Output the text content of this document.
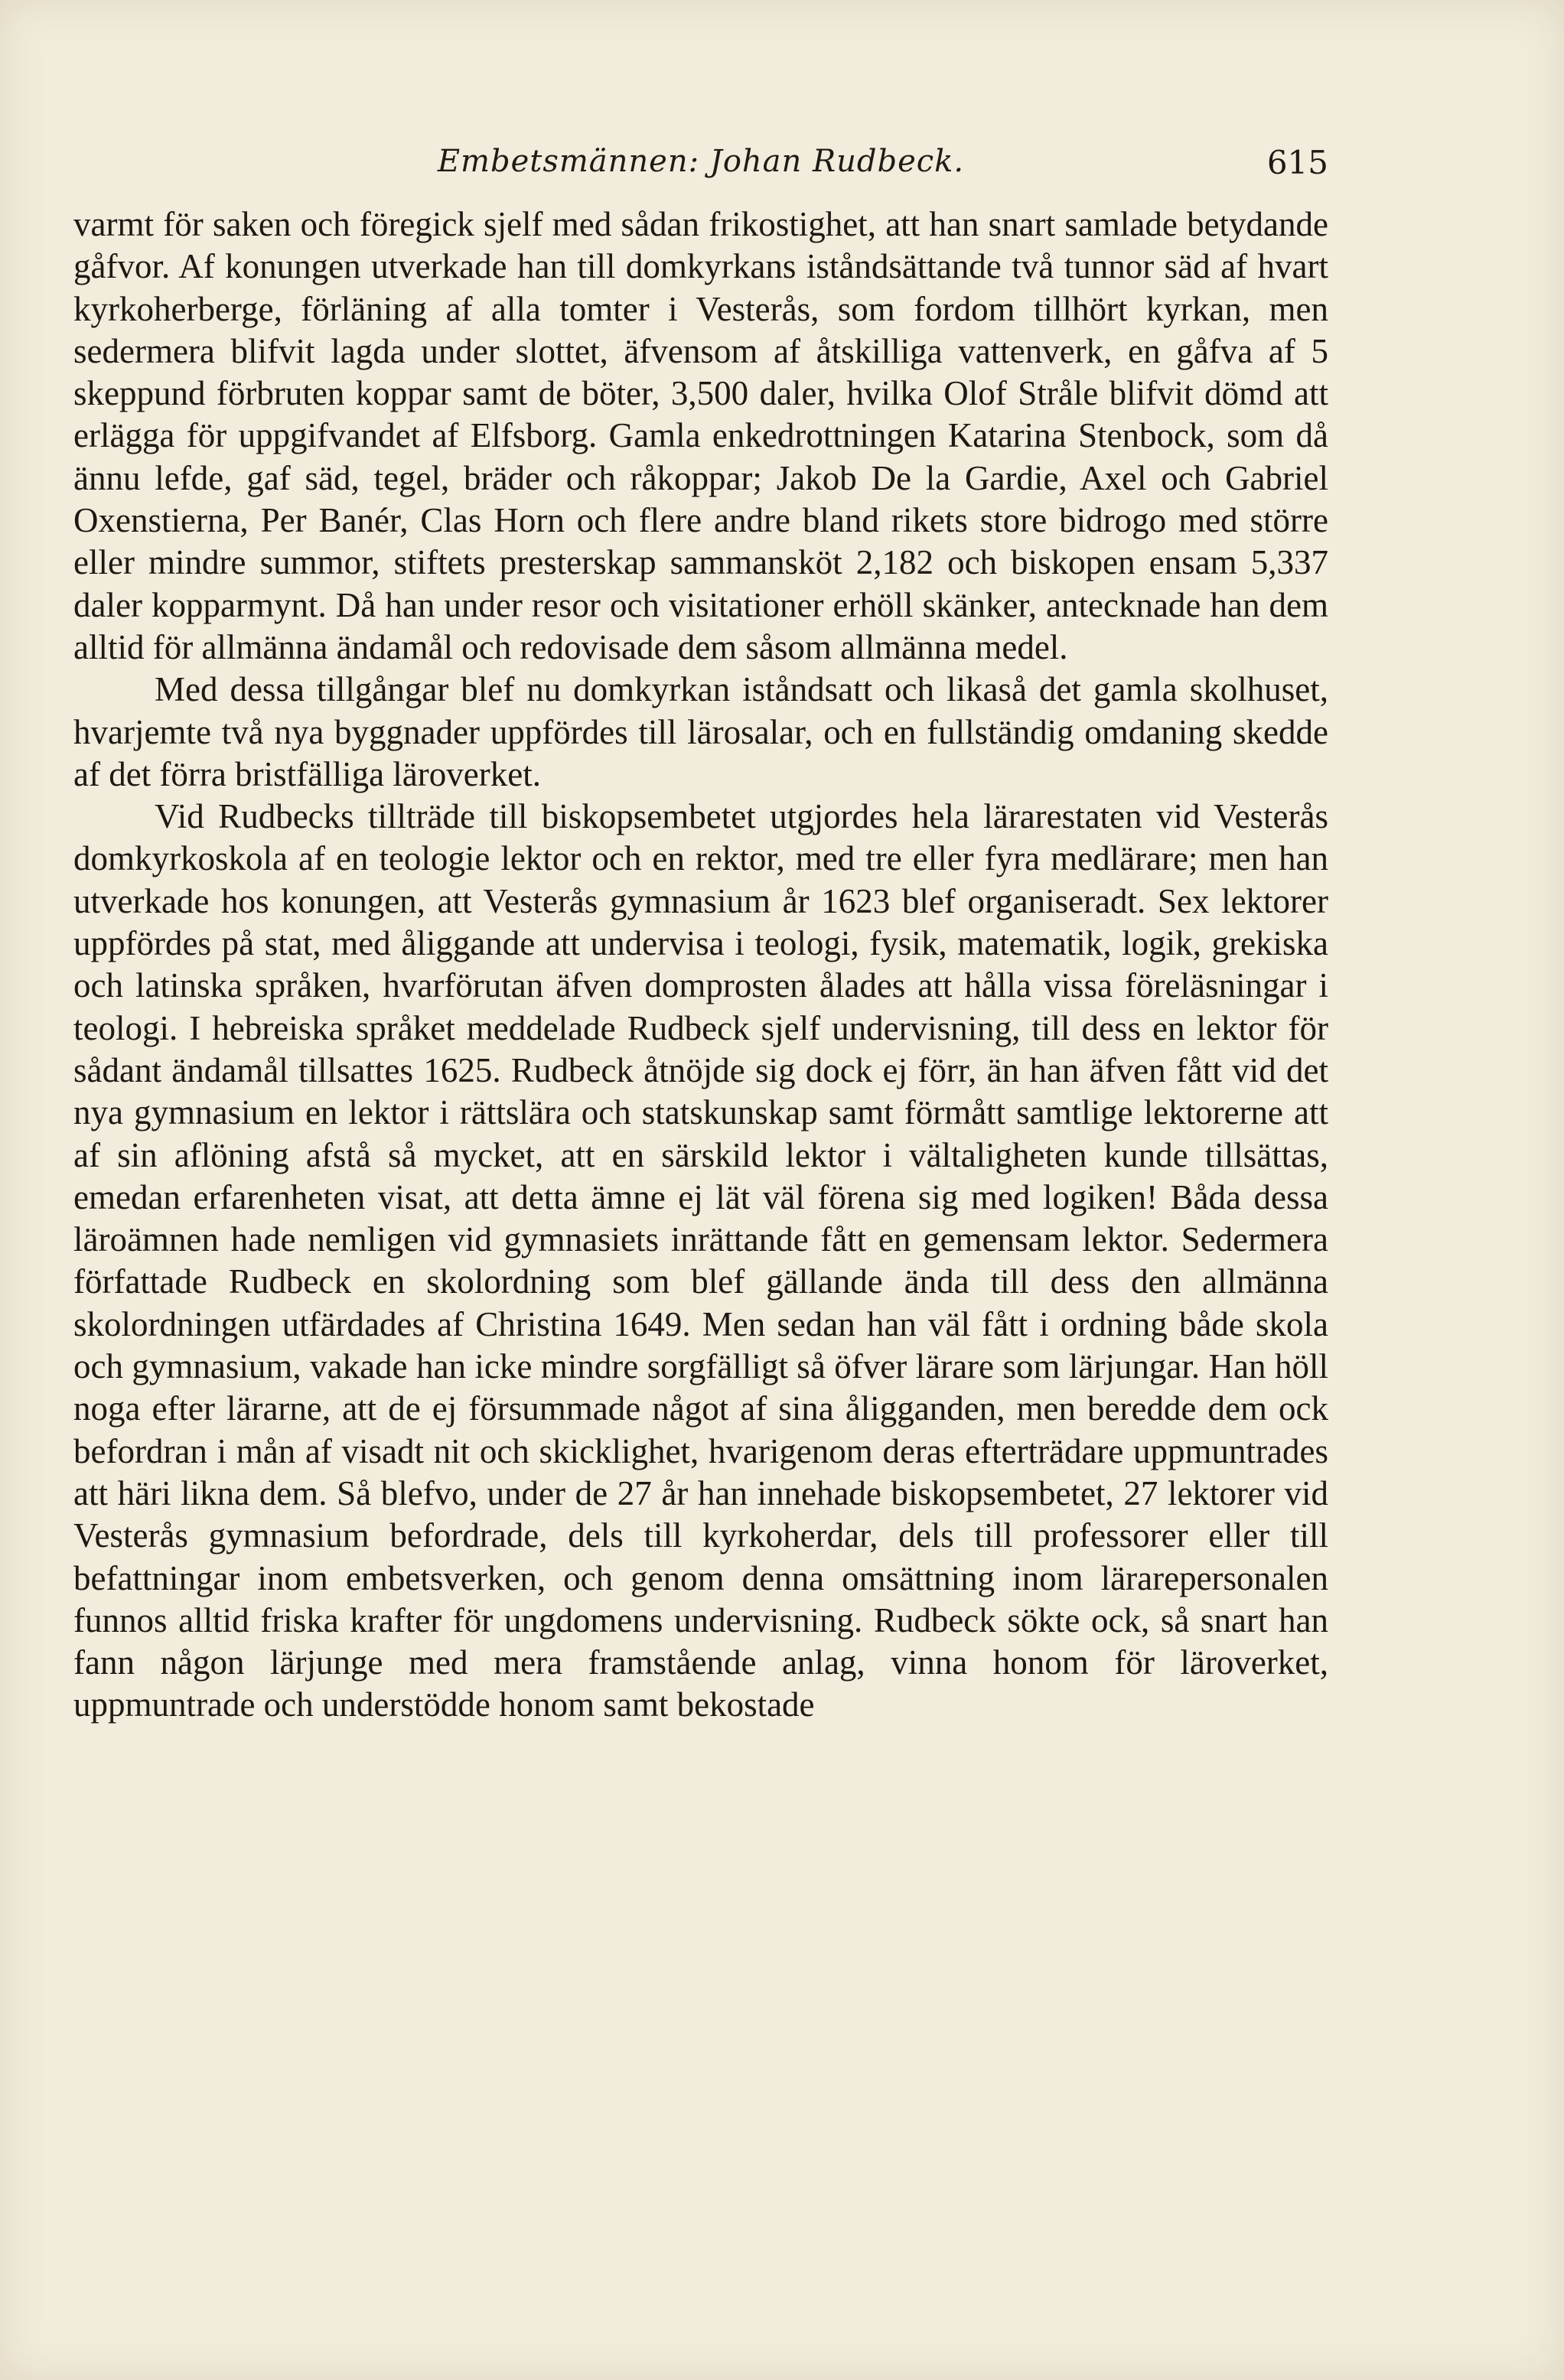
Embetsmännen: Johan Rudbeck.	615

varmt för saken och föregick sjelf med sådan frikostighet, att han snart samlade betydande gåfvor. Af konungen utverkade han till domkyrkans iståndsättande två tunnor säd af hvart kyrkoherberge, förläning af alla tomter i Vesterås, som fordom tillhört kyrkan, men sedermera blifvit lagda under slottet, äfvensom af åtskilliga vattenverk, en gåfva af 5 skeppund förbruten koppar samt de böter, 3,500 daler, hvilka Olof Stråle blifvit dömd att erlägga för uppgifvandet af Elfsborg. Gamla enkedrottningen Katarina Stenbock, som då ännu lefde, gaf säd, tegel, bräder och råkoppar; Jakob De la Gardie, Axel och Gabriel Oxenstierna, Per Banér, Clas Horn och flere andre bland rikets store bidrogo med större eller mindre summor, stiftets presterskap sammansköt 2,182 och biskopen ensam 5,337 daler kopparmynt. Då han under resor och visitationer erhöll skänker, antecknade han dem alltid för allmänna ändamål och redovisade dem såsom allmänna medel.

Med dessa tillgångar blef nu domkyrkan iståndsatt och likaså det gamla skolhuset, hvarjemte två nya byggnader uppfördes till lärosalar, och en fullständig omdaning skedde af det förra bristfälliga läroverket.

Vid Rudbecks tillträde till biskopsembetet utgjordes hela lärarestaten vid Vesterås domkyrkoskola af en teologie lektor och en rektor, med tre eller fyra medlärare; men han utverkade hos konungen, att Vesterås gymnasium år 1623 blef organiseradt. Sex lektorer uppfördes på stat, med åliggande att undervisa i teologi, fysik, matematik, logik, grekiska och latinska språken, hvarförutan äfven domprosten ålades att hålla vissa föreläsningar i teologi. I hebreiska språket meddelade Rudbeck sjelf undervisning, till dess en lektor för sådant ändamål tillsattes 1625. Rudbeck åtnöjde sig dock ej förr, än han äfven fått vid det nya gymnasium en lektor i rättslära och statskunskap samt förmått samtlige lektorerne att af sin aflöning afstå så mycket, att en särskild lektor i vältaligheten kunde tillsättas, emedan erfarenheten visat, att detta ämne ej lät väl förena sig med logiken! Båda dessa läroämnen hade nemligen vid gymnasiets inrättande fått en gemensam lektor. Sedermera författade Rudbeck en skolordning som blef gällande ända till dess den allmänna skolordningen utfärdades af Christina 1649. Men sedan han väl fått i ordning både skola och gymnasium, vakade han icke mindre sorgfälligt så öfver lärare som lärjungar. Han höll noga efter lärarne, att de ej försummade något af sina åligganden, men beredde dem ock befordran i mån af visadt nit och skicklighet, hvarigenom deras efterträdare uppmuntrades att häri likna dem. Så blefvo, under de 27 år han innehade biskopsembetet, 27 lektorer vid Vesterås gymnasium befordrade, dels till kyrkoherdar, dels till professorer eller till befattningar inom embetsverken, och genom denna omsättning inom lärarepersonalen funnos alltid friska krafter för ungdomens undervisning. Rudbeck sökte ock, så snart han fann någon lärjunge med mera framstående anlag, vinna honom för läroverket, uppmuntrade och understödde honom samt bekostade
